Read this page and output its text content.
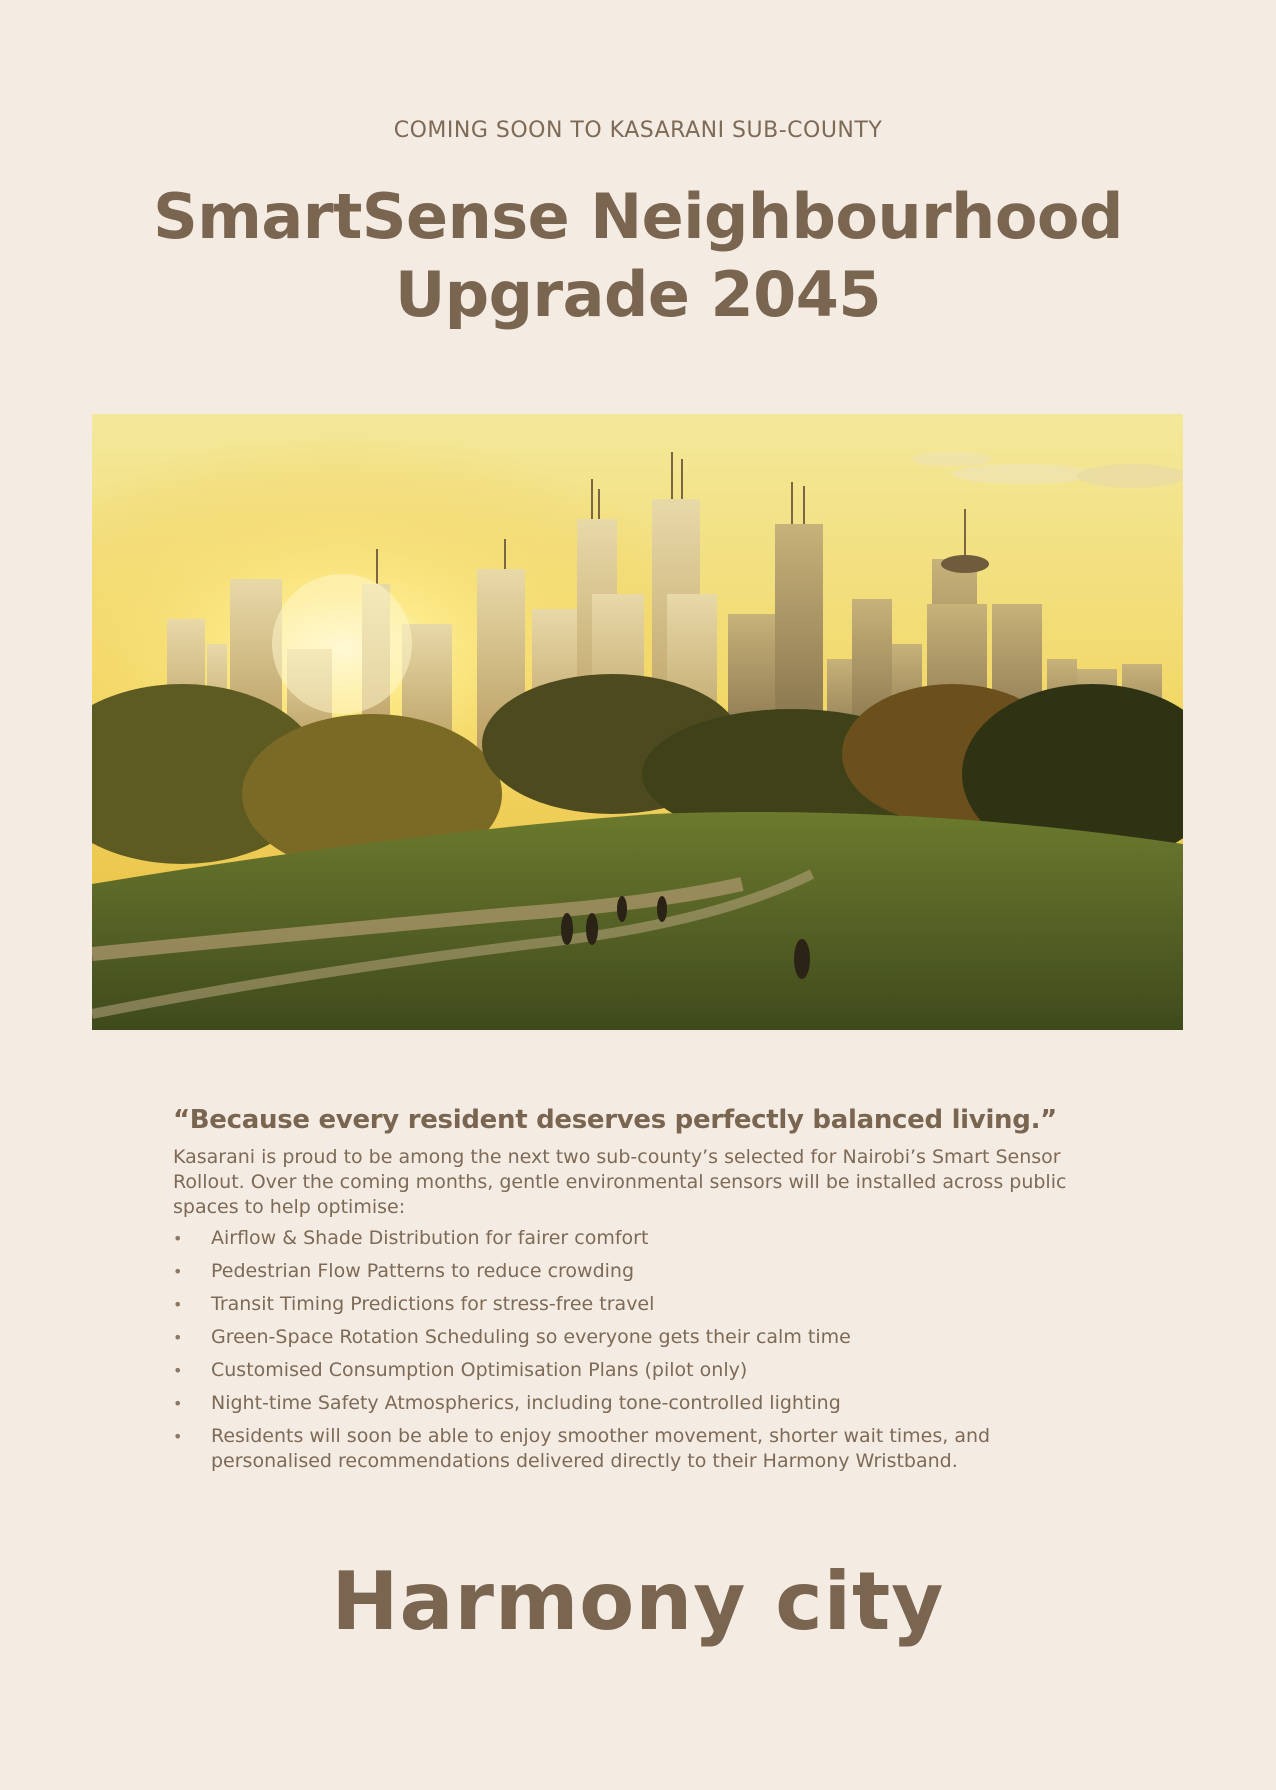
COMING SOON TO KASARANI SUB-COUNTY
SmartSense Neighbourhood
Upgrade 2045

“Because every resident deserves perfectly balanced living.”

Kasarani is proud to be among the next two sub-county’s selected for Nairobi’s Smart Sensor Rollout. Over the coming months, gentle environmental sensors will be installed across public spaces to help optimise:

• Airflow & Shade Distribution for fairer comfort
• Pedestrian Flow Patterns to reduce crowding
• Transit Timing Predictions for stress-free travel
• Green-Space Rotation Scheduling so everyone gets their calm time
• Customised Consumption Optimisation Plans (pilot only)
• Night-time Safety Atmospherics, including tone-controlled lighting
• Residents will soon be able to enjoy smoother movement, shorter wait times, and personalised recommendations delivered directly to their Harmony Wristband.
Harmony city
